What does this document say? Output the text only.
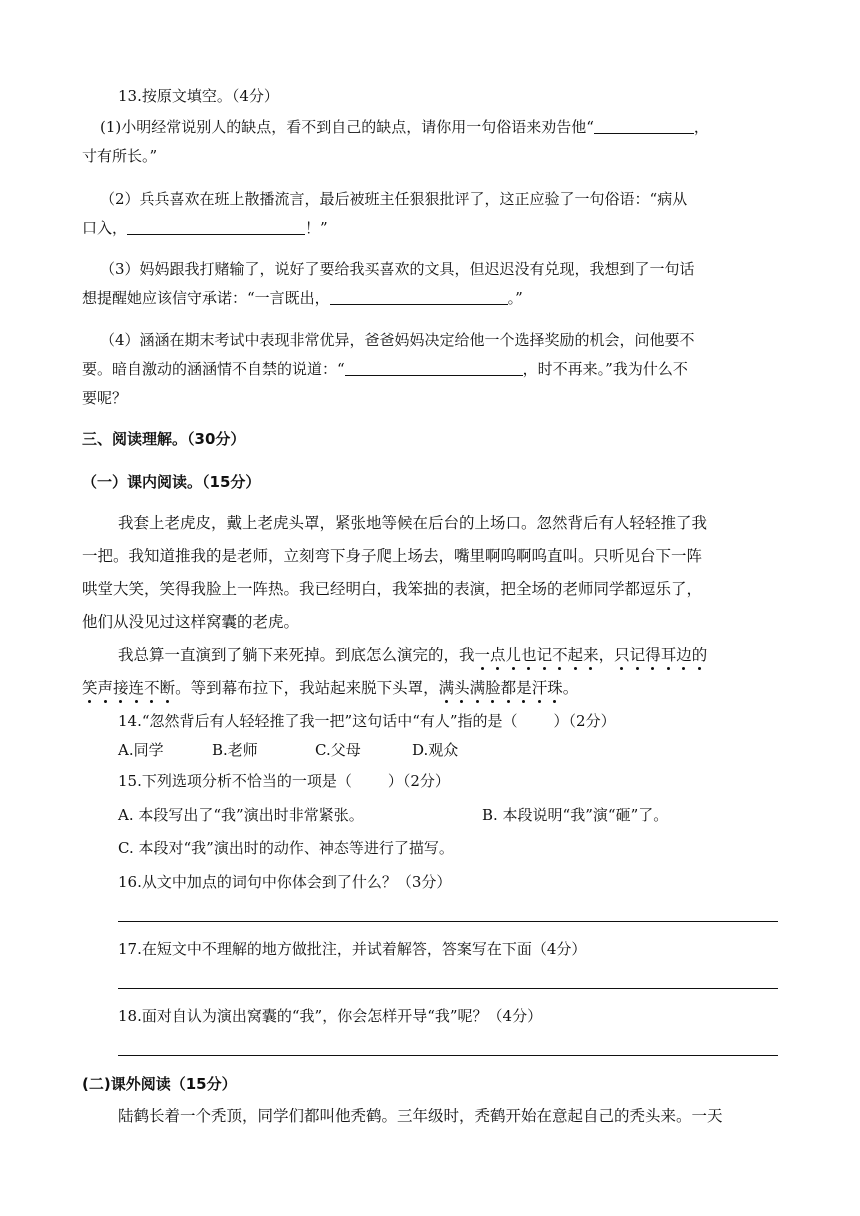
13.按原文填空。（4分）
(1)小明经常说别人的缺点，看不到自己的缺点，请你用一句俗语来劝告他“	，
寸有所长。”
（2）兵兵喜欢在班上散播流言，最后被班主任狠狠批评了，这正应验了一句俗语：“病从
口入，	！”
（3）妈妈跟我打赌输了，说好了要给我买喜欢的文具，但迟迟没有兑现，我想到了一句话
想提醒她应该信守承诺：“一言既出，	。”
（4）涵涵在期末考试中表现非常优异，爸爸妈妈决定给他一个选择奖励的机会，问他要不
要。暗自激动的涵涵情不自禁的说道：“	，时不再来。”我为什么不
要呢？
三、阅读理解。（30分）
（一）课内阅读。（15分）
我套上老虎皮，戴上老虎头罩，紧张地等候在后台的上场口。忽然背后有人轻轻推了我
一把。我知道推我的是老师，立刻弯下身子爬上场去，嘴里啊呜啊呜直叫。只听见台下一阵
哄堂大笑，笑得我脸上一阵热。我已经明白，我笨拙的表演，把全场的老师同学都逗乐了，
他们从没见过这样窝囊的老虎。
我总算一直演到了躺下来死掉。到底怎么演完的，我一点儿也记不起来，只记得耳边的
笑声接连不断。等到幕布拉下，我站起来脱下头罩，满头满脸都是汗珠。
14.“忽然背后有人轻轻推了我一把”这句话中“有人”指的是（ ）（2分）
A.同学	B.老师	C.父母	D.观众
15.下列选项分析不恰当的一项是（ ）（2分）
A. 本段写出了“我”演出时非常紧张。	B. 本段说明“我”演“砸”了。
C. 本段对“我”演出时的动作、神态等进行了描写。
16.从文中加点的词句中你体会到了什么？（3分）
17.在短文中不理解的地方做批注，并试着解答，答案写在下面（4分）
18.面对自认为演出窝囊的“我”，你会怎样开导“我”呢？（4分）
(二)课外阅读（15分）
陆鹤长着一个秃顶，同学们都叫他秃鹤。三年级时，秃鹤开始在意起自己的秃头来。一天
